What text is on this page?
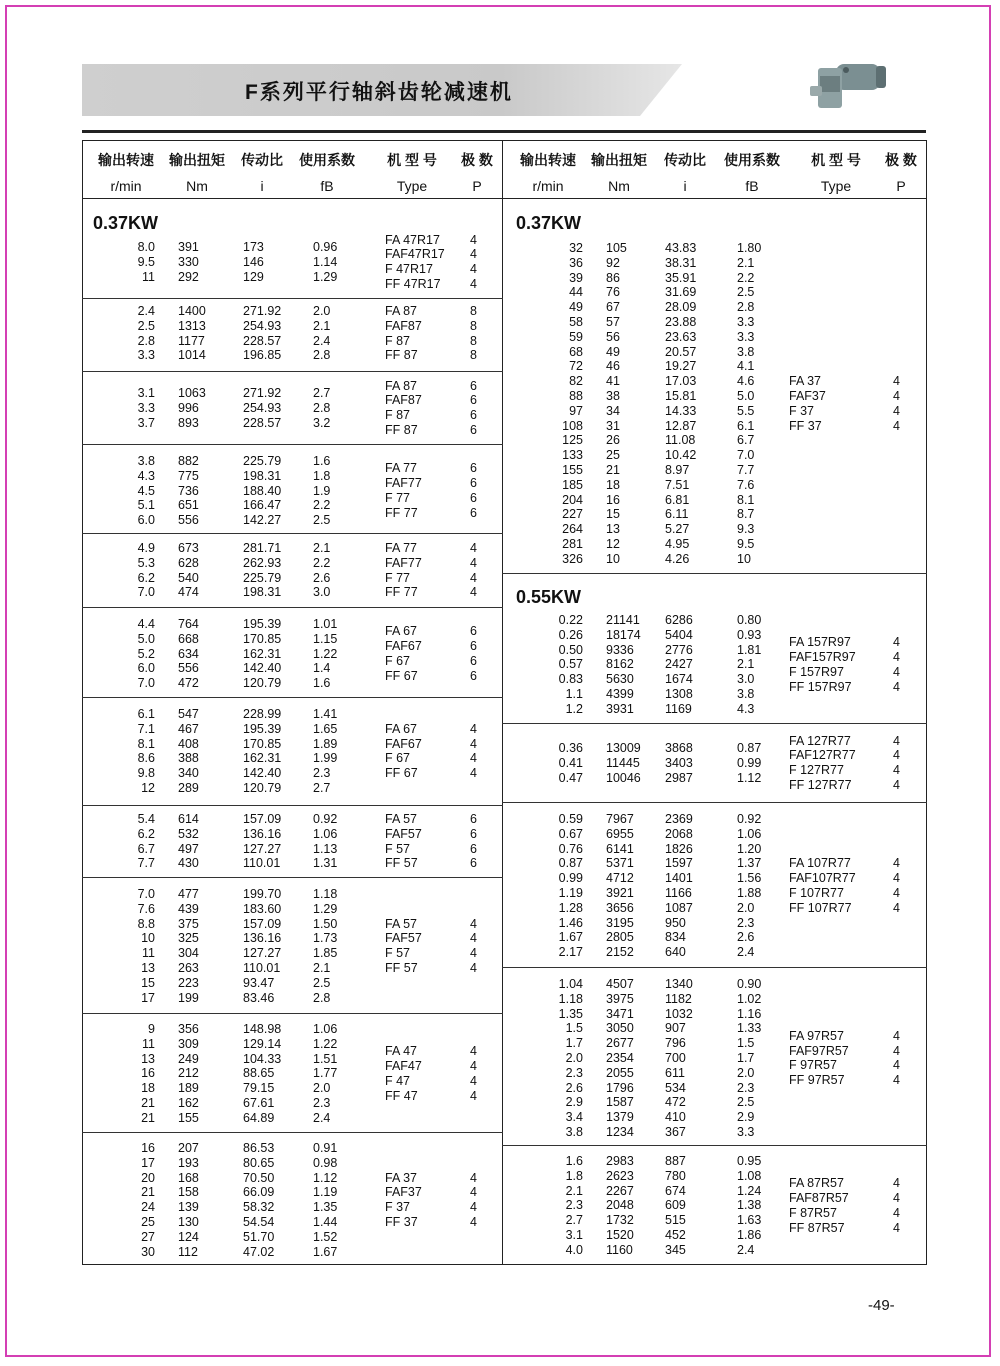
F系列平行轴斜齿轮减速机
输出转速
r/min
输出扭矩
Nm
传动比
i
使用系数
fB
机 型 号
Type
极 数
P
输出转速
r/min
输出扭矩
Nm
传动比
i
使用系数
fB
机 型 号
Type
极 数
P
0.37KW	0.37KW
0.55KW
8.0
9.5
11
391
330
292
173
146
129
0.96
1.14
1.29
FA 47R17
FAF47R17
F 47R17
FF 47R17
4
4
4
4
2.4
2.5
2.8
3.3
1400
1313
1177
1014
271.92
254.93
228.57
196.85
2.0
2.1
2.4
2.8
FA 87
FAF87
F 87
FF 87
8
8
8
8
3.1
3.3
3.7
1063
996
893
271.92
254.93
228.57
2.7
2.8
3.2
FA 87
FAF87
F 87
FF 87
6
6
6
6
3.8
4.3
4.5
5.1
6.0
882
775
736
651
556
225.79
198.31
188.40
166.47
142.27
1.6
1.8
1.9
2.2
2.5
FA 77
FAF77
F 77
FF 77
6
6
6
6
4.9
5.3
6.2
7.0
673
628
540
474
281.71
262.93
225.79
198.31
2.1
2.2
2.6
3.0
FA 77
FAF77
F 77
FF 77
4
4
4
4
4.4
5.0
5.2
6.0
7.0
764
668
634
556
472
195.39
170.85
162.31
142.40
120.79
1.01
1.15
1.22
1.4
1.6
FA 67
FAF67
F 67
FF 67
6
6
6
6
6.1
7.1
8.1
8.6
9.8
12
547
467
408
388
340
289
228.99
195.39
170.85
162.31
142.40
120.79
1.41
1.65
1.89
1.99
2.3
2.7
FA 67
FAF67
F 67
FF 67
4
4
4
4
5.4
6.2
6.7
7.7
614
532
497
430
157.09
136.16
127.27
110.01
0.92
1.06
1.13
1.31
FA 57
FAF57
F 57
FF 57
6
6
6
6
7.0
7.6
8.8
10
11
13
15
17
477
439
375
325
304
263
223
199
199.70
183.60
157.09
136.16
127.27
110.01
93.47
83.46
1.18
1.29
1.50
1.73
1.85
2.1
2.5
2.8
FA 57
FAF57
F 57
FF 57
4
4
4
4
9
11
13
16
18
21
21
356
309
249
212
189
162
155
148.98
129.14
104.33
88.65
79.15
67.61
64.89
1.06
1.22
1.51
1.77
2.0
2.3
2.4
FA 47
FAF47
F 47
FF 47
4
4
4
4
16
17
20
21
24
25
27
30
207
193
168
158
139
130
124
112
86.53
80.65
70.50
66.09
58.32
54.54
51.70
47.02
0.91
0.98
1.12
1.19
1.35
1.44
1.52
1.67
FA 37
FAF37
F 37
FF 37
4
4
4
4
32
36
39
44
49
58
59
68
72
82
88
97
108
125
133
155
185
204
227
264
281
326
105
92
86
76
67
57
56
49
46
41
38
34
31
26
25
21
18
16
15
13
12
10
43.83
38.31
35.91
31.69
28.09
23.88
23.63
20.57
19.27
17.03
15.81
14.33
12.87
11.08
10.42
8.97
7.51
6.81
6.11
5.27
4.95
4.26
1.80
2.1
2.2
2.5
2.8
3.3
3.3
3.8
4.1
4.6
5.0
5.5
6.1
6.7
7.0
7.7
7.6
8.1
8.7
9.3
9.5
10
FA 37
FAF37
F 37
FF 37
4
4
4
4
0.22
0.26
0.50
0.57
0.83
1.1
1.2
21141
18174
9336
8162
5630
4399
3931
6286
5404
2776
2427
1674
1308
1169
0.80
0.93
1.81
2.1
3.0
3.8
4.3
FA 157R97
FAF157R97
F 157R97
FF 157R97
4
4
4
4
0.36
0.41
0.47
13009
11445
10046
3868
3403
2987
0.87
0.99
1.12
FA 127R77
FAF127R77
F 127R77
FF 127R77
4
4
4
4
0.59
0.67
0.76
0.87
0.99
1.19
1.28
1.46
1.67
2.17
7967
6955
6141
5371
4712
3921
3656
3195
2805
2152
2369
2068
1826
1597
1401
1166
1087
950
834
640
0.92
1.06
1.20
1.37
1.56
1.88
2.0
2.3
2.6
2.4
FA 107R77
FAF107R77
F 107R77
FF 107R77
4
4
4
4
1.04
1.18
1.35
1.5
1.7
2.0
2.3
2.6
2.9
3.4
3.8
4507
3975
3471
3050
2677
2354
2055
1796
1587
1379
1234
1340
1182
1032
907
796
700
611
534
472
410
367
0.90
1.02
1.16
1.33
1.5
1.7
2.0
2.3
2.5
2.9
3.3
FA 97R57
FAF97R57
F 97R57
FF 97R57
4
4
4
4
1.6
1.8
2.1
2.3
2.7
3.1
4.0
2983
2623
2267
2048
1732
1520
1160
887
780
674
609
515
452
345
0.95
1.08
1.24
1.38
1.63
1.86
2.4
FA 87R57
FAF87R57
F 87R57
FF 87R57
4
4
4
4
-49-
